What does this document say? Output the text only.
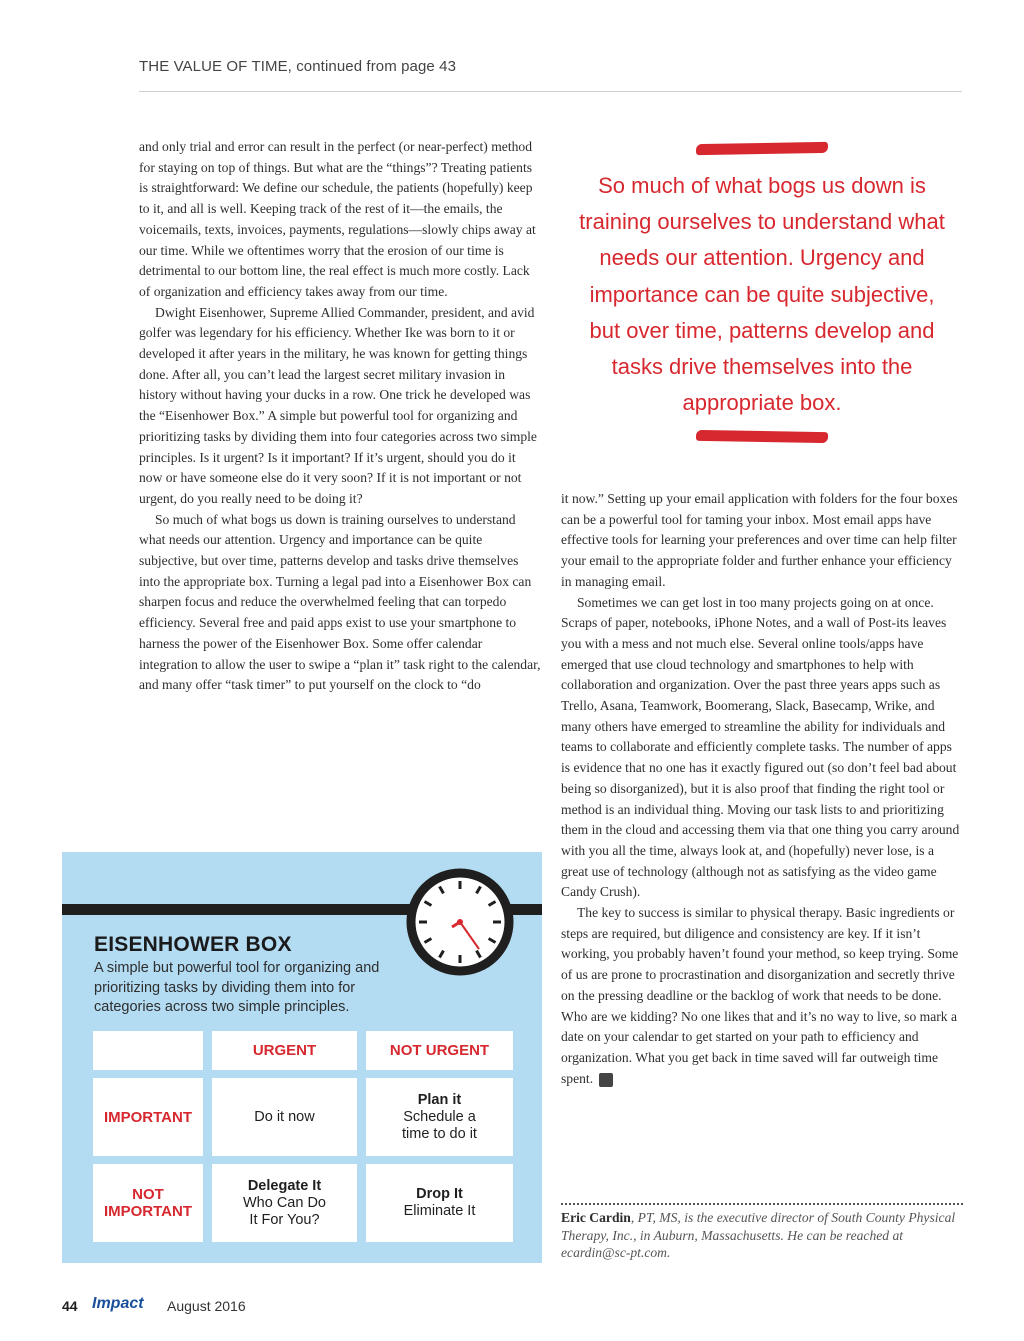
THE VALUE OF TIME, continued from page 43

and only trial and error can result in the perfect (or near-perfect) method for staying on top of things. But what are the “things”? Treating patients is straightforward: We define our schedule, the patients (hopefully) keep to it, and all is well. Keeping track of the rest of it—the emails, the voicemails, texts, invoices, payments, regulations—slowly chips away at our time. While we oftentimes worry that the erosion of our time is detrimental to our bottom line, the real effect is much more costly. Lack of organization and efficiency takes away from our time.

Dwight Eisenhower, Supreme Allied Commander, president, and avid golfer was legendary for his efficiency. Whether Ike was born to it or developed it after years in the military, he was known for getting things done. After all, you can’t lead the largest secret military invasion in history without having your ducks in a row. One trick he developed was the “Eisenhower Box.” A simple but powerful tool for organizing and prioritizing tasks by dividing them into four categories across two simple principles. Is it urgent? Is it important? If it’s urgent, should you do it now or have someone else do it very soon? If it is not important or not urgent, do you really need to be doing it?

So much of what bogs us down is training ourselves to understand what needs our attention. Urgency and importance can be quite subjective, but over time, patterns develop and tasks drive themselves into the appropriate box. Turning a legal pad into a Eisenhower Box can sharpen focus and reduce the overwhelmed feeling that can torpedo efficiency. Several free and paid apps exist to use your smartphone to harness the power of the Eisenhower Box. Some offer calendar integration to allow the user to swipe a “plan it” task right to the calendar, and many offer “task timer” to put yourself on the clock to “do

So much of what bogs us down is training ourselves to understand what needs our attention. Urgency and importance can be quite subjective, but over time, patterns develop and tasks drive themselves into the appropriate box.

it now.” Setting up your email application with folders for the four boxes can be a powerful tool for taming your inbox. Most email apps have effective tools for learning your preferences and over time can help filter your email to the appropriate folder and further enhance your efficiency in managing email.

Sometimes we can get lost in too many projects going on at once. Scraps of paper, notebooks, iPhone Notes, and a wall of Post-its leaves you with a mess and not much else. Several online tools/apps have emerged that use cloud technology and smartphones to help with collaboration and organization. Over the past three years apps such as Trello, Asana, Teamwork, Boomerang, Slack, Basecamp, Wrike, and many others have emerged to streamline the ability for individuals and teams to collaborate and efficiently complete tasks. The number of apps is evidence that no one has it exactly figured out (so don’t feel bad about being so disorganized), but it is also proof that finding the right tool or method is an individual thing. Moving our task lists to and prioritizing them in the cloud and accessing them via that one thing you carry around with you all the time, always look at, and (hopefully) never lose, is a great use of technology (although not as satisfying as the video game Candy Crush).

The key to success is similar to physical therapy. Basic ingredients or steps are required, but diligence and consistency are key. If it isn’t working, you probably haven’t found your method, so keep trying. Some of us are prone to procrastination and disorganization and secretly thrive on the pressing deadline or the backlog of work that needs to be done. Who are we kidding? No one likes that and it’s no way to live, so mark a date on your calendar to get started on your path to efficiency and organization. What you get back in time saved will far outweigh time spent. I

Eric Cardin, PT, MS, is the executive director of South County Physical Therapy, Inc., in Auburn, Massachusetts. He can be reached at ecardin@sc-pt.com.
EISENHOWER BOX
A simple but powerful tool for organizing and prioritizing tasks by dividing them into for categories across two simple principles.
URGENT	NOT URGENT
IMPORTANT	Do it now
Plan it
Schedule a
time to do it
NOT
IMPORTANT
Delegate It
Who Can Do
It For You?
Drop It
Eliminate It
44 Impact August 2016
